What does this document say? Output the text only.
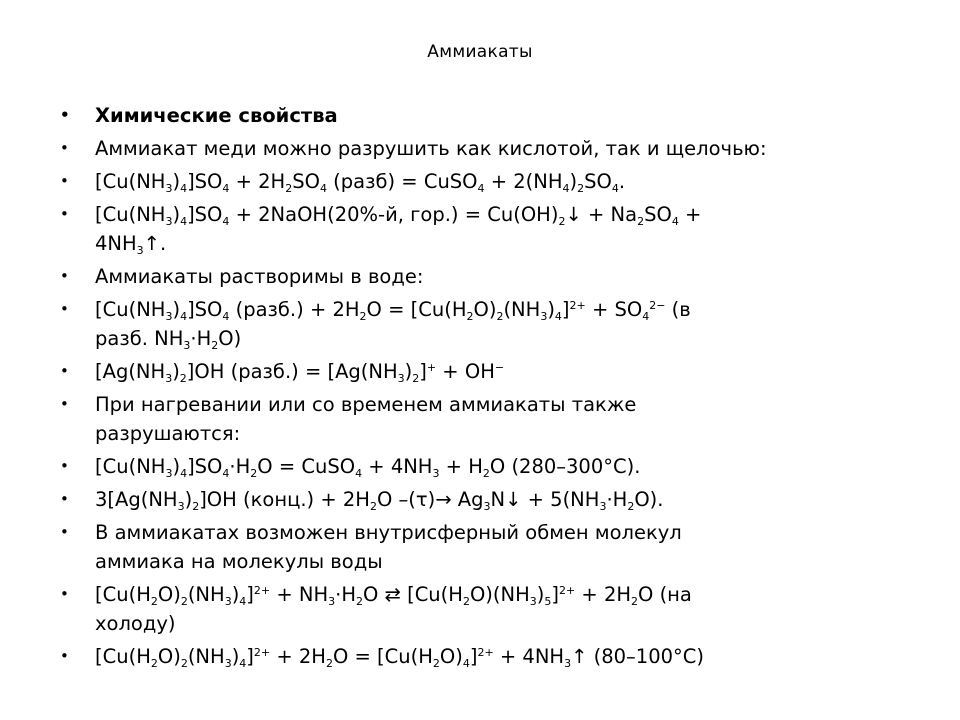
Аммиакаты
• Химические свойства
• Аммиакат меди можно разрушить как кислотой, так и щелочью:
• $[Cu(NH_3)_4]SO_4 + 2H_2SO_4$ (разб) = CuSO$_4$ + $2(NH_4)_2SO_4$.
• $[Cu(NH_3)_4]SO_4$ + 2NaOH(20%-й, $гор.) = Cu(OH)_2↓ + Na_2SO_4$ +
$4NH_3↑$.
• Аммиакаты растворимы в воде:
• $[Cu(NH_3)_4]SO_4$ (разб.) + $2H_2O = [Cu(H_2O)_2(NH_3)_4]^{2+} + SO_4^{2-}$ (в
разб. $NH_3\cdot H_2O$)
• $[Ag(NH_3)_2]OH$ (разб.) = $[Ag(NH_3)_2]^+ + OH^-$
• При нагревании или со временем аммиакаты также
разрушаются:
• $[Cu(NH_3)_4]SO_4\cdot H_2O$ = CuSO$_4$ + $4NH_3 + H_2O$ (280–300°C).
• $3[Ag(NH_3)_2]OH$ (конц.) + $2H_2O$ $-(\tau)\to Ag_3N↓ + 5(NH_3\cdot H_2O)$.
• В аммиакатах возможен внутрисферный обмен молекул
аммиака на молекулы воды
• $[Cu(H_2O)_2(NH_3)_4]^{2+} + NH_3\cdot H_2O$ ⇄ $[Cu(H_2O)(NH_3)_5]^{2+} + 2H_2O$ (на
холоду)
• $[Cu(H_2O)_2(NH_3)_4]^{2+} + 2H_2O = [Cu(H_2O)_4]^{2+}$ + $4NH_3↑$ (80–100°C)
